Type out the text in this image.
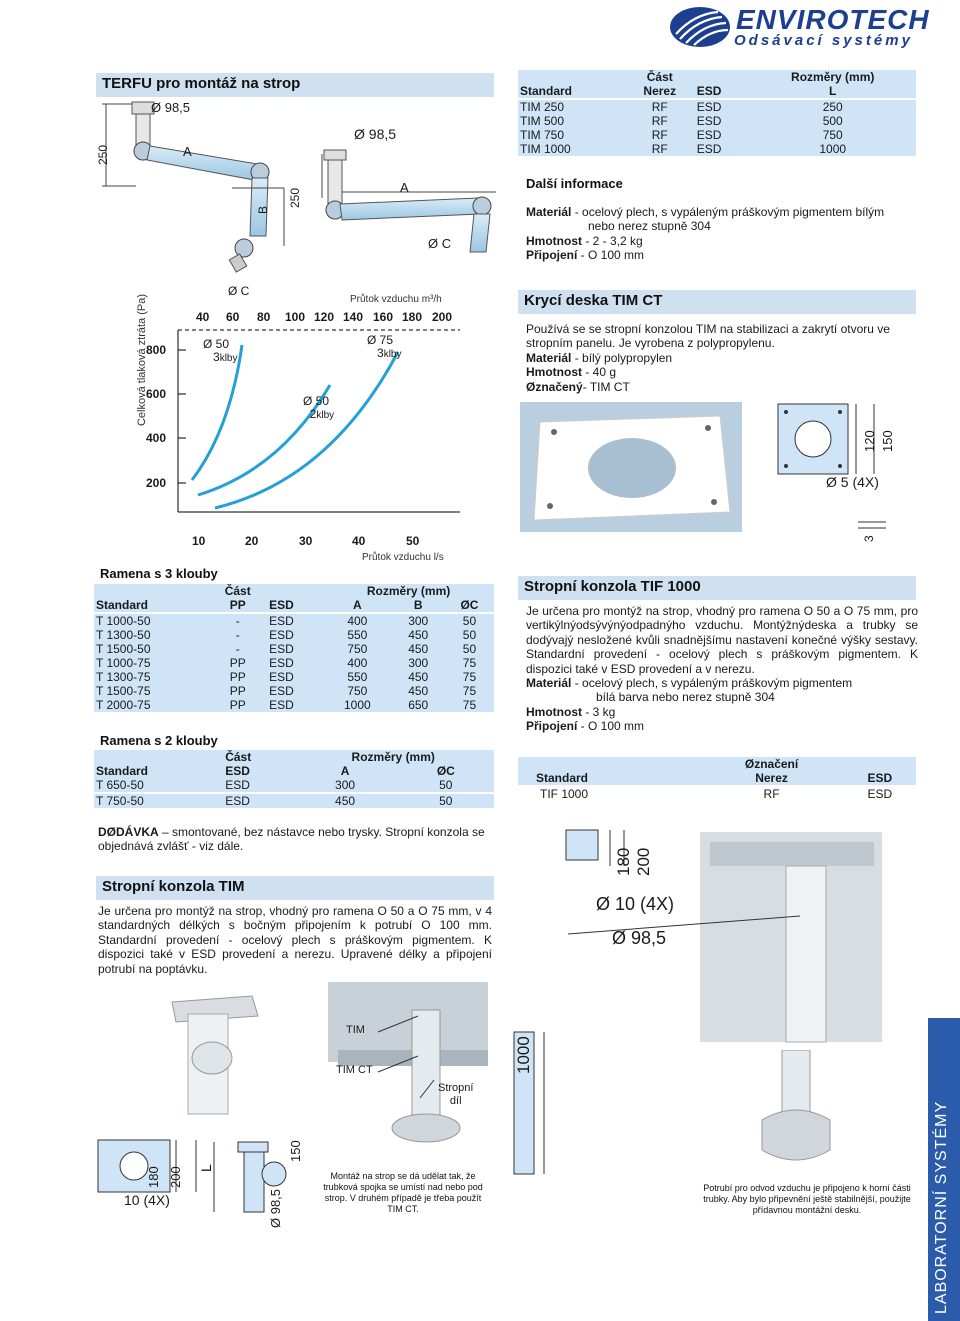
ENVIROTECH
Odsávací systémy
TERFU pro montáž na strop
Ø 98,5
A
250
Ø 98,5
A
B
250
Ø C
Celková tlaková ztráta (Pa)	Průtok vzduchu m³/h
Průtok vzduchu l/s
Ø C
40 60 80 100 120 140 160 180 200
10	20	30	40	50
800
600
400
200
Ø 50
3klby
Ø 50
2klby
Ø 75
3klby
	Část		Rozměry (mm)
Standard	Nerez	ESD	L

TIM 250	RF	ESD	250
TIM 500	RF	ESD	500
TIM 750	RF	ESD	750
TIM 1000	RF	ESD	1000
Další informace
Materiál - ocelový plech, s vypáleným práškovým pigmentem bílým
nebo nerez stupně 304
Hmotnost - 2 - 3,2 kg
Připojení - O 100 mm
Krycí deska TIM CT
Používá se se stropní konzolou TIM na stabilizaci a zakrytí otvoru ve stropním panelu. Je vyrobena z polypropylenu.
Materiál - bílý polypropylen
Hmotnost - 40 g
Øznačený- TIM CT
120 150
Ø 5 (4X)
3
Ramena s 3 klouby
	Část		Rozměry (mm)		
Standard	PP	ESD	A	B	ØC

T 1000-50	-	ESD	400	300	50
T 1300-50	-	ESD	550	450	50
T 1500-50	-	ESD	750	450	50
T 1000-75	PP	ESD	400	300	75
T 1300-75	PP	ESD	550	450	75
T 1500-75	PP	ESD	750	450	75
T 2000-75	PP	ESD	1000	650	75
Ramena s 2 klouby
	Část	Rozměry (mm)	
Standard	ESD	A	ØC
T 650-50	ESD	300	50

T 750-50	ESD	450	50
DØDÁVKA – smontované, bez nástavce nebo trysky. Stropní konzola se objednává zvlášť - viz dále.
Stropní konzola TIF 1000
Je určena pro montýž na strop, vhodný pro ramena O 50 a O 75 mm, pro vertikýlnýodsývýnýodpadnýho vzduchu. Montýžnýdeska a trubky se dodývajý nesložené kvůli snadnějšímu nastavení konečné výšky sestavy. Standardní provedení - ocelový plech s práškovým pigmentem. K dispozici také v ESD provedení a v nerezu.
Materiál - ocelový plech, s vypáleným práškovým pigmentem
bílá barva nebo nerez stupně 304
Hmotnost - 3 kg
Připojení - O 100 mm
	Øznačení	
Standard	Nerez	ESD

TIF 1000	RF	ESD
180 200
Ø 10 (4X)
Ø 98,5
1000
Potrubí pro odvod vzduchu je připojeno k horní části trubky. Aby bylo připevnění ještě stabilnější, použijte přídavnou montážní desku.
Stropní konzola TIM
Je určena pro montýž na strop, vhodný pro ramena O 50 a O 75 mm, v 4 standardných délkých s bočným připojením k potrubí O 100 mm. Standardní provedení - ocelový plech s práškovým pigmentem. K dispozici také v ESD provedení a nerezu. Upravené délky a připojení potrubí na poptávku.
TIM
TIM CT
Stropní
díl
180 200 L
150
10 (4X)	Ø 98,5
Montáž na strop se dá udělat tak, že trubková spojka se umístí nad nebo pod strop. V druhém případě je třeba použít TIM CT.	LABORATORNÍ SYSTÉMY
